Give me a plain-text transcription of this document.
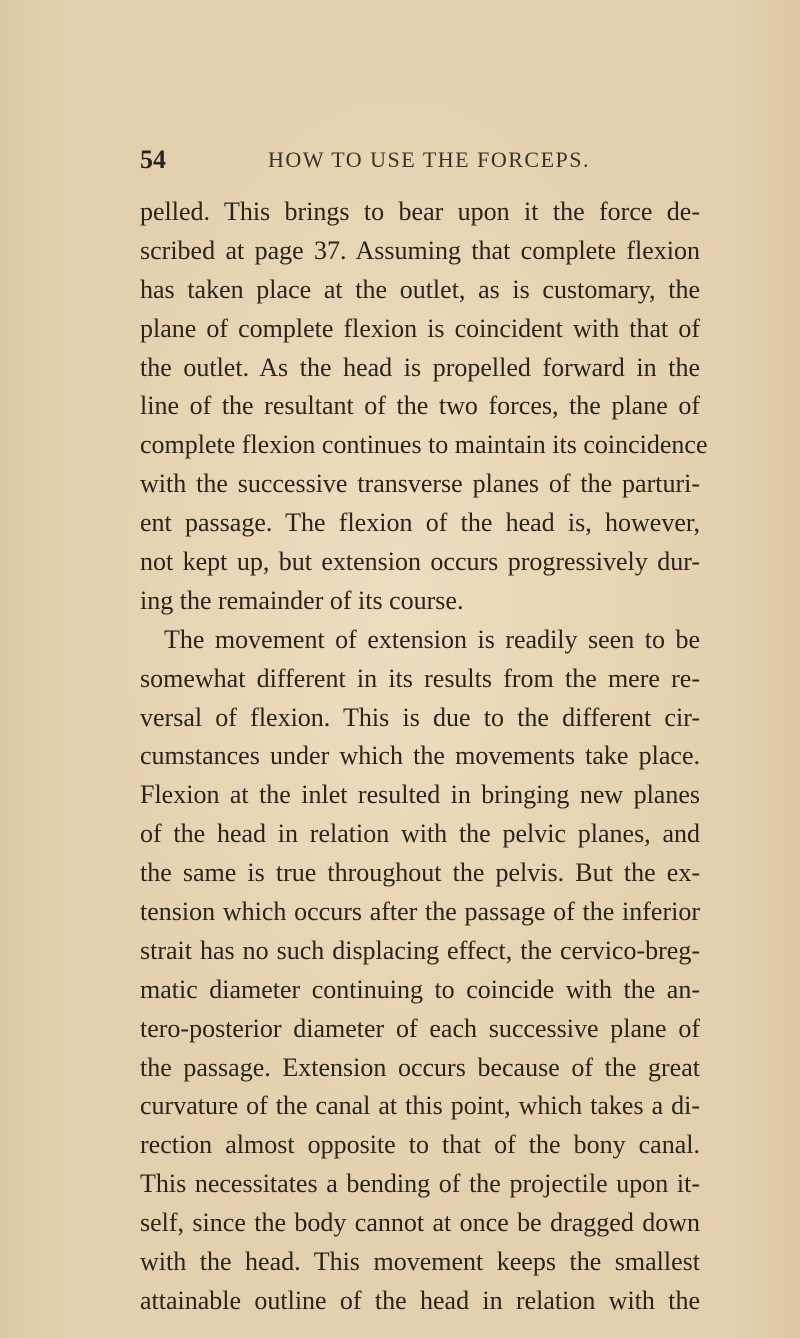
54	HOW TO USE THE FORCEPS.
pelled. This brings to bear upon it the force de-
scribed at page 37. Assuming that complete flexion
has taken place at the outlet, as is customary, the
plane of complete flexion is coincident with that of
the outlet. As the head is propelled forward in the
line of the resultant of the two forces, the plane of
complete flexion continues to maintain its coincidence
with the successive transverse planes of the parturi-
ent passage. The flexion of the head is, however,
not kept up, but extension occurs progressively dur-
ing the remainder of its course.
The movement of extension is readily seen to be
somewhat different in its results from the mere re-
versal of flexion. This is due to the different cir-
cumstances under which the movements take place.
Flexion at the inlet resulted in bringing new planes
of the head in relation with the pelvic planes, and
the same is true throughout the pelvis. But the ex-
tension which occurs after the passage of the inferior
strait has no such displacing effect, the cervico-breg-
matic diameter continuing to coincide with the an-
tero-posterior diameter of each successive plane of
the passage. Extension occurs because of the great
curvature of the canal at this point, which takes a di-
rection almost opposite to that of the bony canal.
This necessitates a bending of the projectile upon it-
self, since the body cannot at once be dragged down
with the head. This movement keeps the smallest
attainable outline of the head in relation with the
